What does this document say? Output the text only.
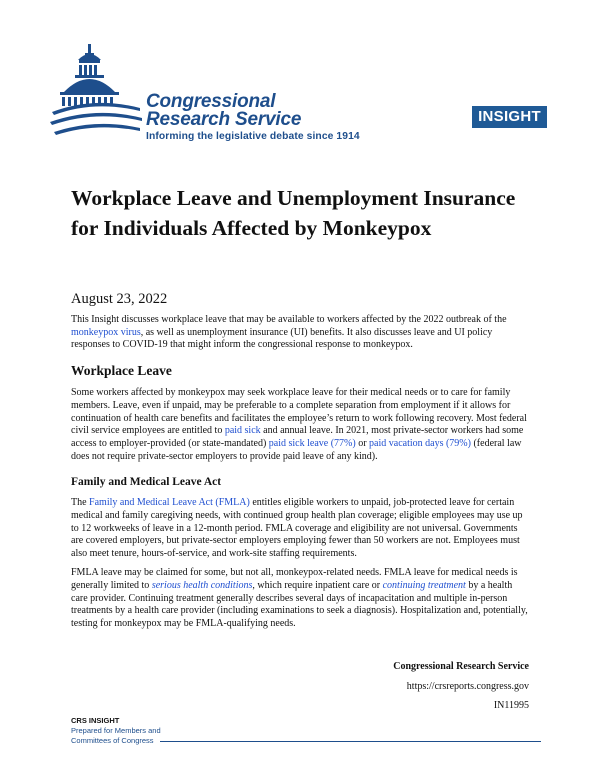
Congressional
Research Service
Informing the legislative debate since 1914
INSIGHT
Workplace Leave and Unemployment Insurance for Individuals Affected by Monkeypox
August 23, 2022

This Insight discusses workplace leave that may be available to workers affected by the 2022 outbreak of the monkeypox virus, as well as unemployment insurance (UI) benefits. It also discusses leave and UI policy responses to COVID-19 that might inform the congressional response to monkeypox.

Workplace Leave

Some workers affected by monkeypox may seek workplace leave for their medical needs or to care for family members. Leave, even if unpaid, may be preferable to a complete separation from employment if it allows for continuation of health care benefits and facilitates the employee’s return to work following recovery. Most federal civil service employees are entitled to paid sick and annual leave. In 2021, most private-sector workers had some access to employer-provided (or state-mandated) paid sick leave (77%) or paid vacation days (79%) (federal law does not require private-sector employers to provide paid leave of any kind).

Family and Medical Leave Act

The Family and Medical Leave Act (FMLA) entitles eligible workers to unpaid, job-protected leave for certain medical and family caregiving needs, with continued group health plan coverage; eligible employees may use up to 12 workweeks of leave in a 12-month period. FMLA coverage and eligibility are not universal. Governments are covered employers, but private-sector employers employing fewer than 50 workers are not. Employees must also meet tenure, hours-of-service, and work-site staffing requirements.

FMLA leave may be claimed for some, but not all, monkeypox-related needs. FMLA leave for medical needs is generally limited to serious health conditions, which require inpatient care or continuing treatment by a health care provider. Continuing treatment generally describes several days of incapacitation and multiple in-person treatments by a health care provider (including examinations to seek a diagnosis). Hospitalization and, potentially, testing for monkeypox may be FMLA-qualifying needs.

Congressional Research Service
https://crsreports.congress.gov
IN11995
CRS INSIGHT
Prepared for Members and
Committees of Congress
